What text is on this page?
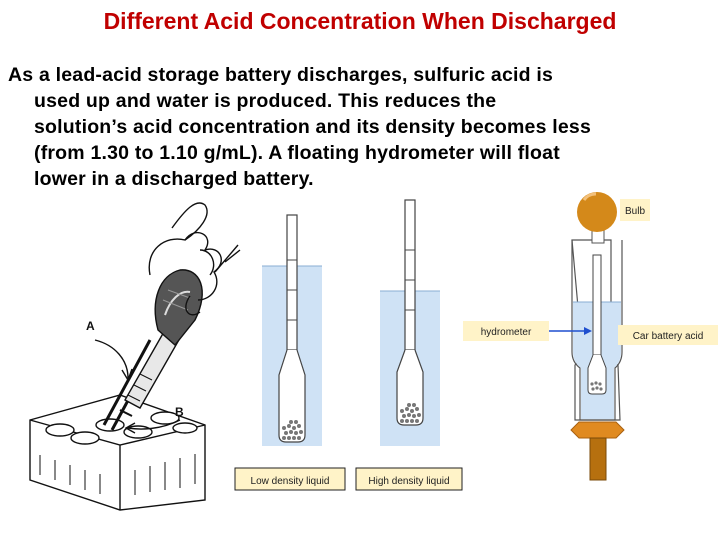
Different Acid Concentration When Discharged
As a lead-acid storage battery discharges, sulfuric acid is
used up and water is produced. This reduces the
solution’s acid concentration and its density becomes less
(from 1.30 to 1.10 g/mL). A floating hydrometer will float
lower in a discharged battery.
A
B
Low density liquid	High density liquid
Bulb
hydrometer	Car battery acid
